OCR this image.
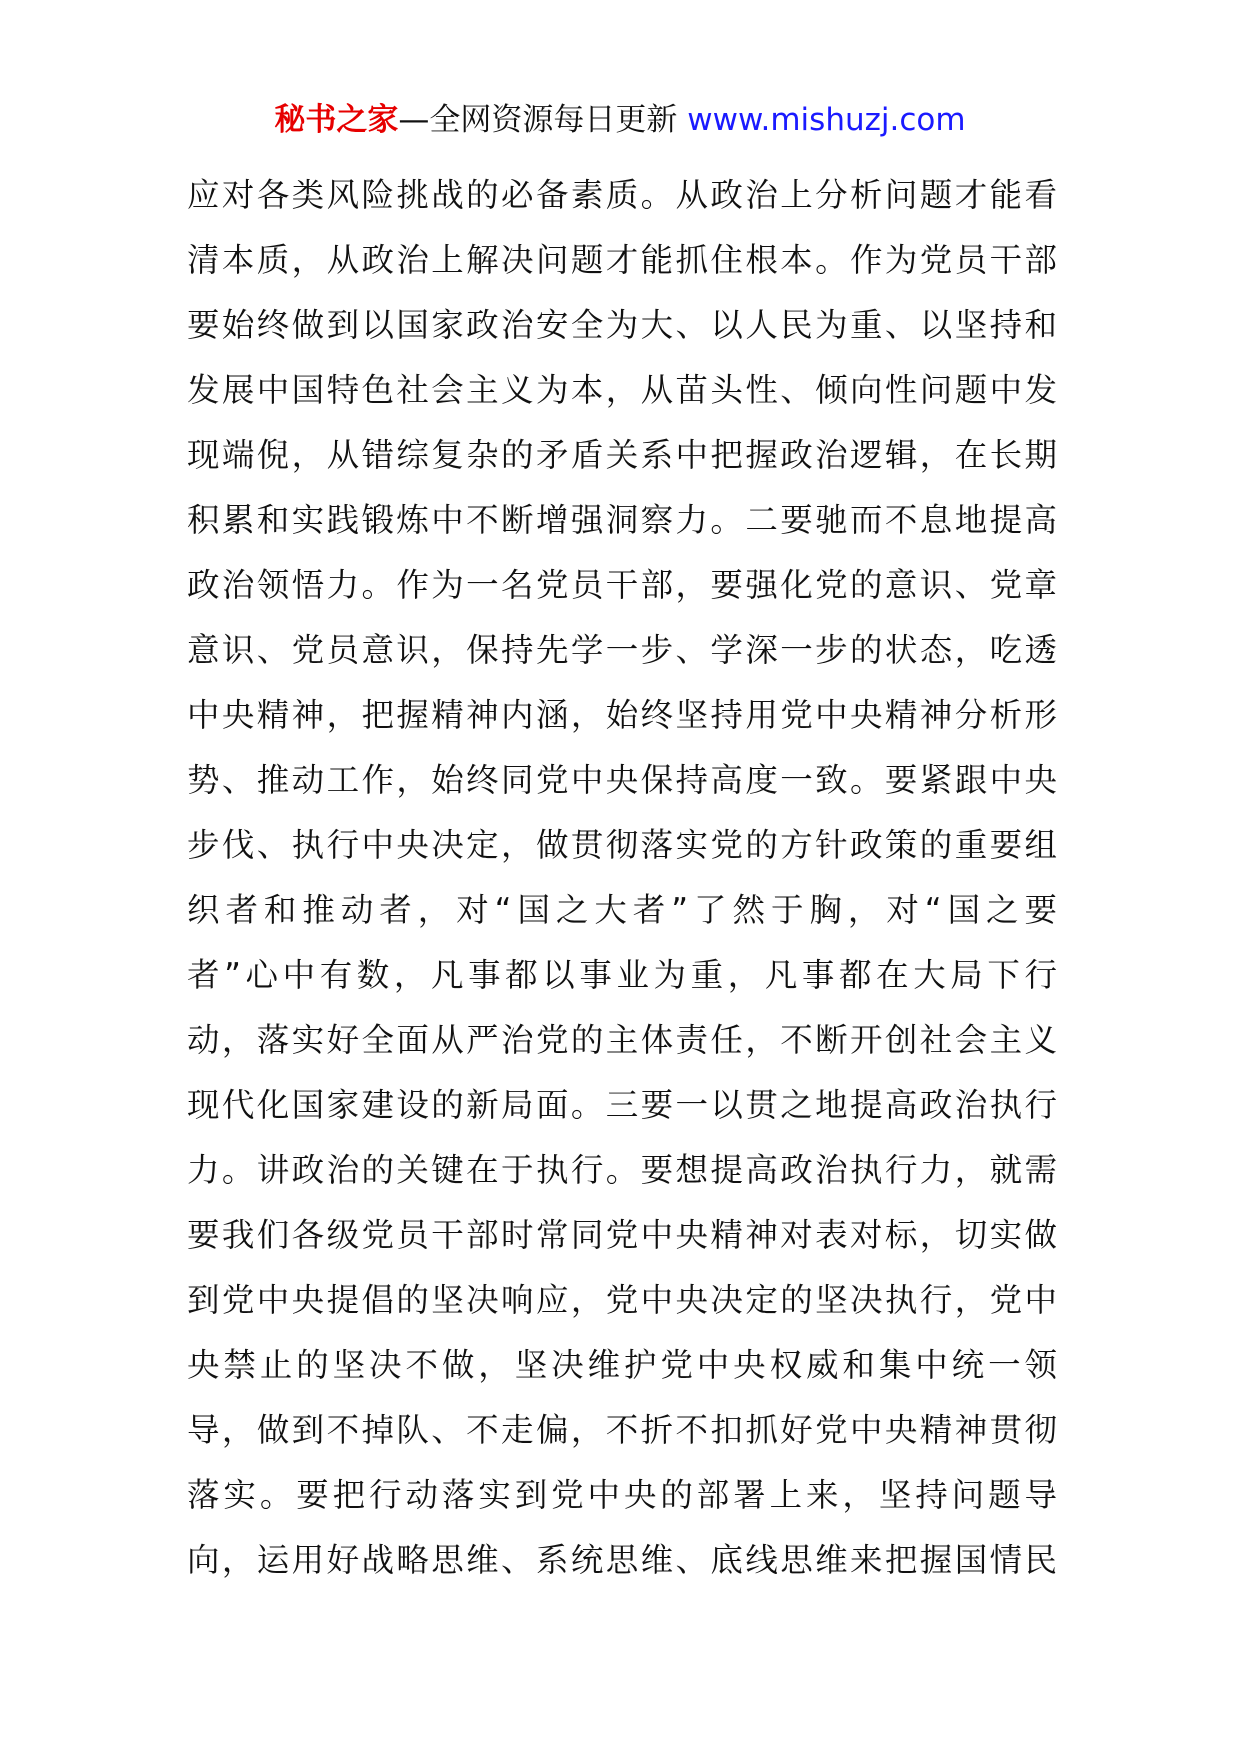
秘书之家—全网资源每日更新 www.mishuzj.com
应对各类风险挑战的必备素质。从政治上分析问题才能看
清本质，从政治上解决问题才能抓住根本。作为党员干部
要始终做到以国家政治安全为大、以人民为重、以坚持和
发展中国特色社会主义为本，从苗头性、倾向性问题中发
现端倪，从错综复杂的矛盾关系中把握政治逻辑，在长期
积累和实践锻炼中不断增强洞察力。二要驰而不息地提高
政治领悟力。作为一名党员干部，要强化党的意识、党章
意识、党员意识，保持先学一步、学深一步的状态，吃透
中央精神，把握精神内涵，始终坚持用党中央精神分析形
势、推动工作，始终同党中央保持高度一致。要紧跟中央
步伐、执行中央决定，做贯彻落实党的方针政策的重要组
织者和推动者，对“国之大者”了然于胸，对“国之要
者”心中有数，凡事都以事业为重，凡事都在大局下行
动，落实好全面从严治党的主体责任，不断开创社会主义
现代化国家建设的新局面。三要一以贯之地提高政治执行
力。讲政治的关键在于执行。要想提高政治执行力，就需
要我们各级党员干部时常同党中央精神对表对标，切实做
到党中央提倡的坚决响应，党中央决定的坚决执行，党中
央禁止的坚决不做，坚决维护党中央权威和集中统一领
导，做到不掉队、不走偏，不折不扣抓好党中央精神贯彻
落实。要把行动落实到党中央的部署上来，坚持问题导
向，运用好战略思维、系统思维、底线思维来把握国情民
